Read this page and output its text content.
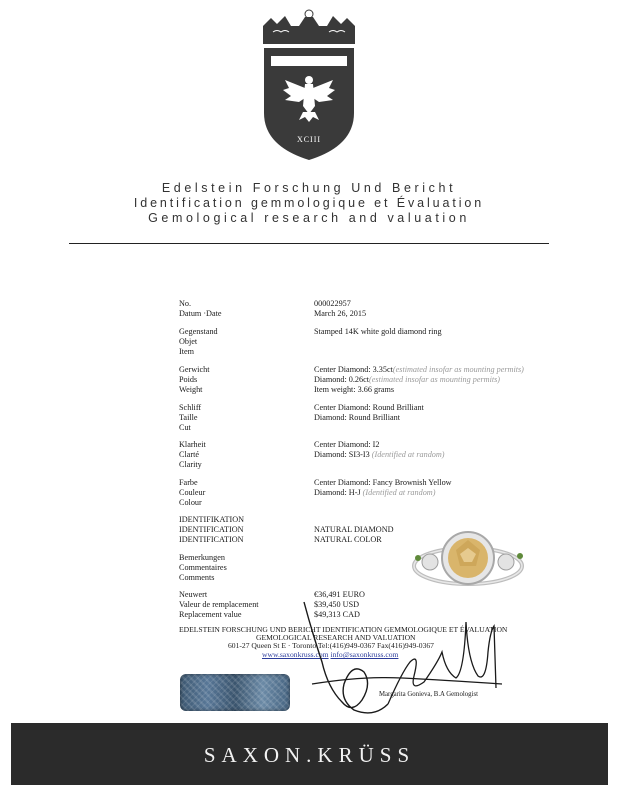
XCIII
Edelstein Forschung Und Bericht
Identification gemmologique et Évaluation
Gemological research and valuation
No.
Datum ·Date
000022957
March 26, 2015
Gegenstand
Objet
Item
Stamped 14K white gold diamond ring
Gerwicht
Poids
Weight
Center Diamond: 3.35ct(estimated insofar as mounting permits)
Diamond: 0.26ct(estimated insofar as mounting permits)
Item weight: 3.66 grams
Schliff
Taille
Cut
Center Diamond: Round Brilliant
Diamond: Round Brilliant
Klarheit
Clarté
Clarity
Center Diamond: I2
Diamond: SI3-I3 (Identified at random)
Farbe
Couleur
Colour
Center Diamond: Fancy Brownish Yellow
Diamond: H-J (Identified at random)
IDENTIFIKATION
IDENTIFICATION
IDENTIFICATION
NATURAL DIAMOND
NATURAL COLOR
Bemerkungen
Commentaires
Comments
Neuwert
Valeur de remplacement
Replacement value
€36,491 EURO
$39,450 USD
$49,313 CAD
EDELSTEIN FORSCHUNG UND BERICHT IDENTIFICATION GEMMOLOGIQUE ET ÉVALUATION
GEMOLOGICAL RESEARCH AND VALUATION
601-27 Queen St E · Toronto Tel:(416)949-0367 Fax(416)949-0367
www.saxonkruss.com info@saxonkruss.com
Margarita Gonieva, B.A Gemologist
SAXON.KRÜSS
